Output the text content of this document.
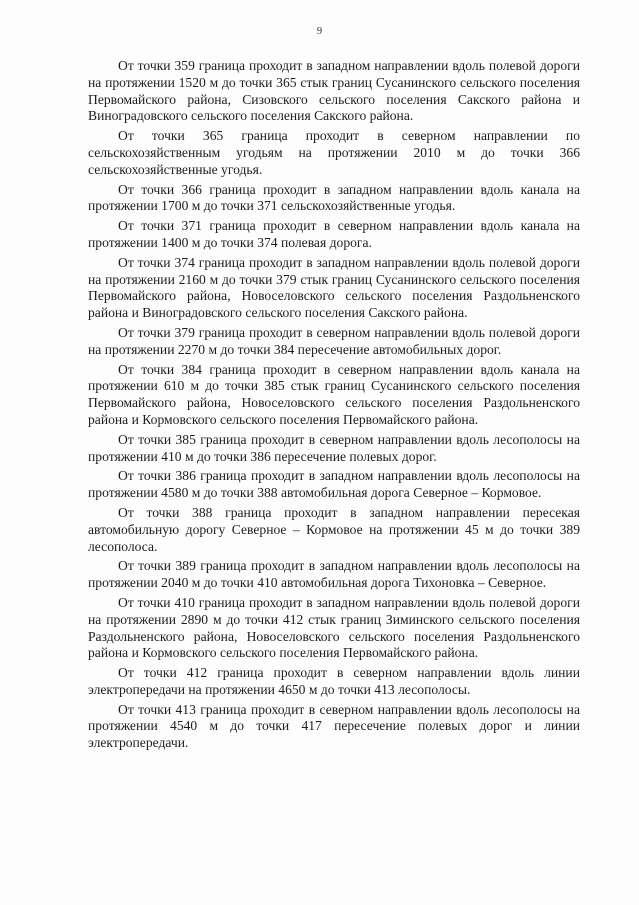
9

От точки 359 граница проходит в западном направлении вдоль полевой дороги на протяжении 1520 м до точки 365 стык границ Сусанинского сельского поселения Первомайского района, Сизовского сельского поселения Сакского района и Виноградовского сельского поселения Сакского района.

От точки 365 граница проходит в северном направлении по сельскохозяйственным угодьям на протяжении 2010 м до точки 366 сельскохозяйственные угодья.

От точки 366 граница проходит в западном направлении вдоль канала на протяжении 1700 м до точки 371 сельскохозяйственные угодья.

От точки 371 граница проходит в северном направлении вдоль канала на протяжении 1400 м до точки 374 полевая дорога.

От точки 374 граница проходит в западном направлении вдоль полевой дороги на протяжении 2160 м до точки 379 стык границ Сусанинского сельского поселения Первомайского района, Новоселовского сельского поселения Раздольненского района и Виноградовского сельского поселения Сакского района.

От точки 379 граница проходит в северном направлении вдоль полевой дороги на протяжении 2270 м до точки 384 пересечение автомобильных дорог.

От точки 384 граница проходит в северном направлении вдоль канала на протяжении 610 м до точки 385 стык границ Сусанинского сельского поселения Первомайского района, Новоселовского сельского поселения Раздольненского района и Кормовского сельского поселения Первомайского района.

От точки 385 граница проходит в северном направлении вдоль лесополосы на протяжении 410 м до точки 386 пересечение полевых дорог.

От точки 386 граница проходит в западном направлении вдоль лесополосы на протяжении 4580 м до точки 388 автомобильная дорога Северное – Кормовое.

От точки 388 граница проходит в западном направлении пересекая автомобильную дорогу Северное – Кормовое на протяжении 45 м до точки 389 лесополоса.

От точки 389 граница проходит в западном направлении вдоль лесополосы на протяжении 2040 м до точки 410 автомобильная дорога Тихоновка – Северное.

От точки 410 граница проходит в западном направлении вдоль полевой дороги на протяжении 2890 м до точки 412 стык границ Зиминского сельского поселения Раздольненского района, Новоселовского сельского поселения Раздольненского района и Кормовского сельского поселения Первомайского района.

От точки 412 граница проходит в северном направлении вдоль линии электропередачи на протяжении 4650 м до точки 413 лесополосы.

От точки 413 граница проходит в северном направлении вдоль лесополосы на протяжении 4540 м до точки 417 пересечение полевых дорог и линии электропередачи.
